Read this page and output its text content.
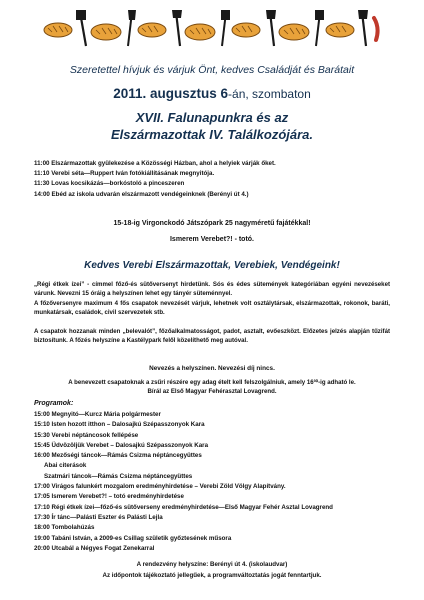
Szeretettel hívjuk és várjuk Önt, kedves Családját és Barátait
2011. augusztus 6-án, szombaton
XVII. Falunapunkra és az
Elszármazottak IV. Találkozójára.
11:00 Elszármazottak gyülekezése a Közösségi Házban, ahol a helyiek várják őket.
11:10 Verebi séta—Ruppert Iván fotókiállításának megnyitója.
11:30 Lovas kocsikázás—borkóstoló a pinceszeren
14:00 Ebéd az iskola udvarán elszármazott vendégeinknek (Berényi út 4.)
15-18-ig Virgonckodó Játszópark 25 nagyméretű fajátékkal!
Ismerem Verebet?! - totó.
Kedves Verebi Elszármazottak, Verebiek, Vendégeink!
„Régi étkek ízei” - címmel főző-és sütőversenyt hirdetünk. Sós és édes sütemények kategóriában egyéni nevezéseket várunk. Nevezni 15 óráig a helyszínen lehet egy tányér süteménnyel.
A főzőversenyre maximum 4 fős csapatok nevezését várjuk, lehetnek volt osztálytársak, elszármazottak, rokonok, baráti, munkatársak, családok, civil szervezetek stb.
A csapatok hozzanak minden „belevalót”, főzőalkalmatosságot, padot, asztalt, evőeszközt. Előzetes jelzés alapján tűzifát biztosítunk. A főzés helyszíne a Kastélypark felől közelíthető meg autóval.
Nevezés a helyszínen. Nevezési díj nincs.
A benevezett csapatoknak a zsűri részére egy adag ételt kell felszolgálniuk, amely 16³⁰-ig adható le.
Bírál az Első Magyar Fehérasztal Lovagrend.
Programok:
15:00 Megnyitó—Kurcz Mária polgármester
15:10 Isten hozott itthon – Dalosajkú Szépasszonyok Kara
15:30 Verebi néptáncosok fellépése
15:45 Üdvözöljük Verebet – Dalosajkú Szépasszonyok Kara
16:00 Mezőségi táncok—Rámás Csizma néptáncegyüttes
Abai citerások
Szatmári táncok—Rámás Csizma néptáncegyüttes
17:00 Virágos falunkért mozgalom eredményhirdetése – Verebi Zöld Völgy Alapítvány.
17:05 Ismerem Verebet?! – totó eredményhirdetése
17:10 Régi étkek ízei—főző-és sütőverseny eredményhirdetése—Első Magyar Fehér Asztal Lovagrend
17:30 Ír tánc—Palásti Eszter és Palásti Lejla
18:00 Tombolahúzás
19:00 Tabáni István, a 2009-es Csillag születik győztesének műsora
20:00 Utcabál a Négyes Fogat Zenekarral
A rendezvény helyszíne: Berényi út 4. (iskolaudvar)
Az időpontok tájékoztató jellegűek, a programváltoztatás jogát fenntartjuk.
